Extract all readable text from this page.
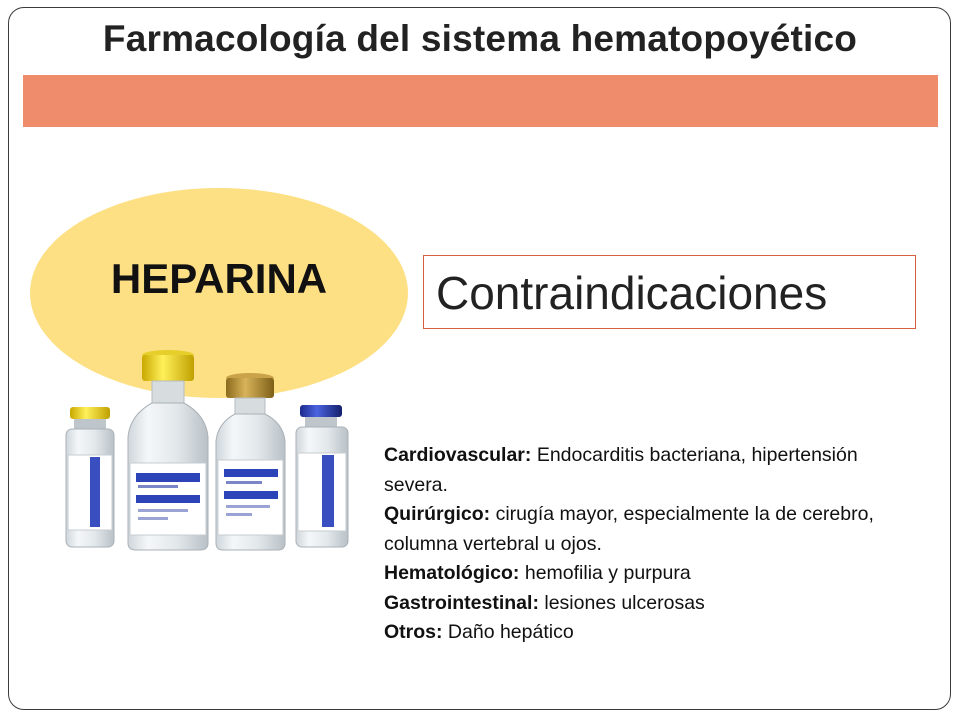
Farmacología del sistema hematopoyético
HEPARINA	Contraindicaciones

Cardiovascular: Endocarditis bacteriana, hipertensión severa.

Quirúrgico: cirugía mayor, especialmente la de cerebro, columna vertebral u ojos.

Hematológico: hemofilia y purpura

Gastrointestinal: lesiones ulcerosas

Otros: Daño hepático
